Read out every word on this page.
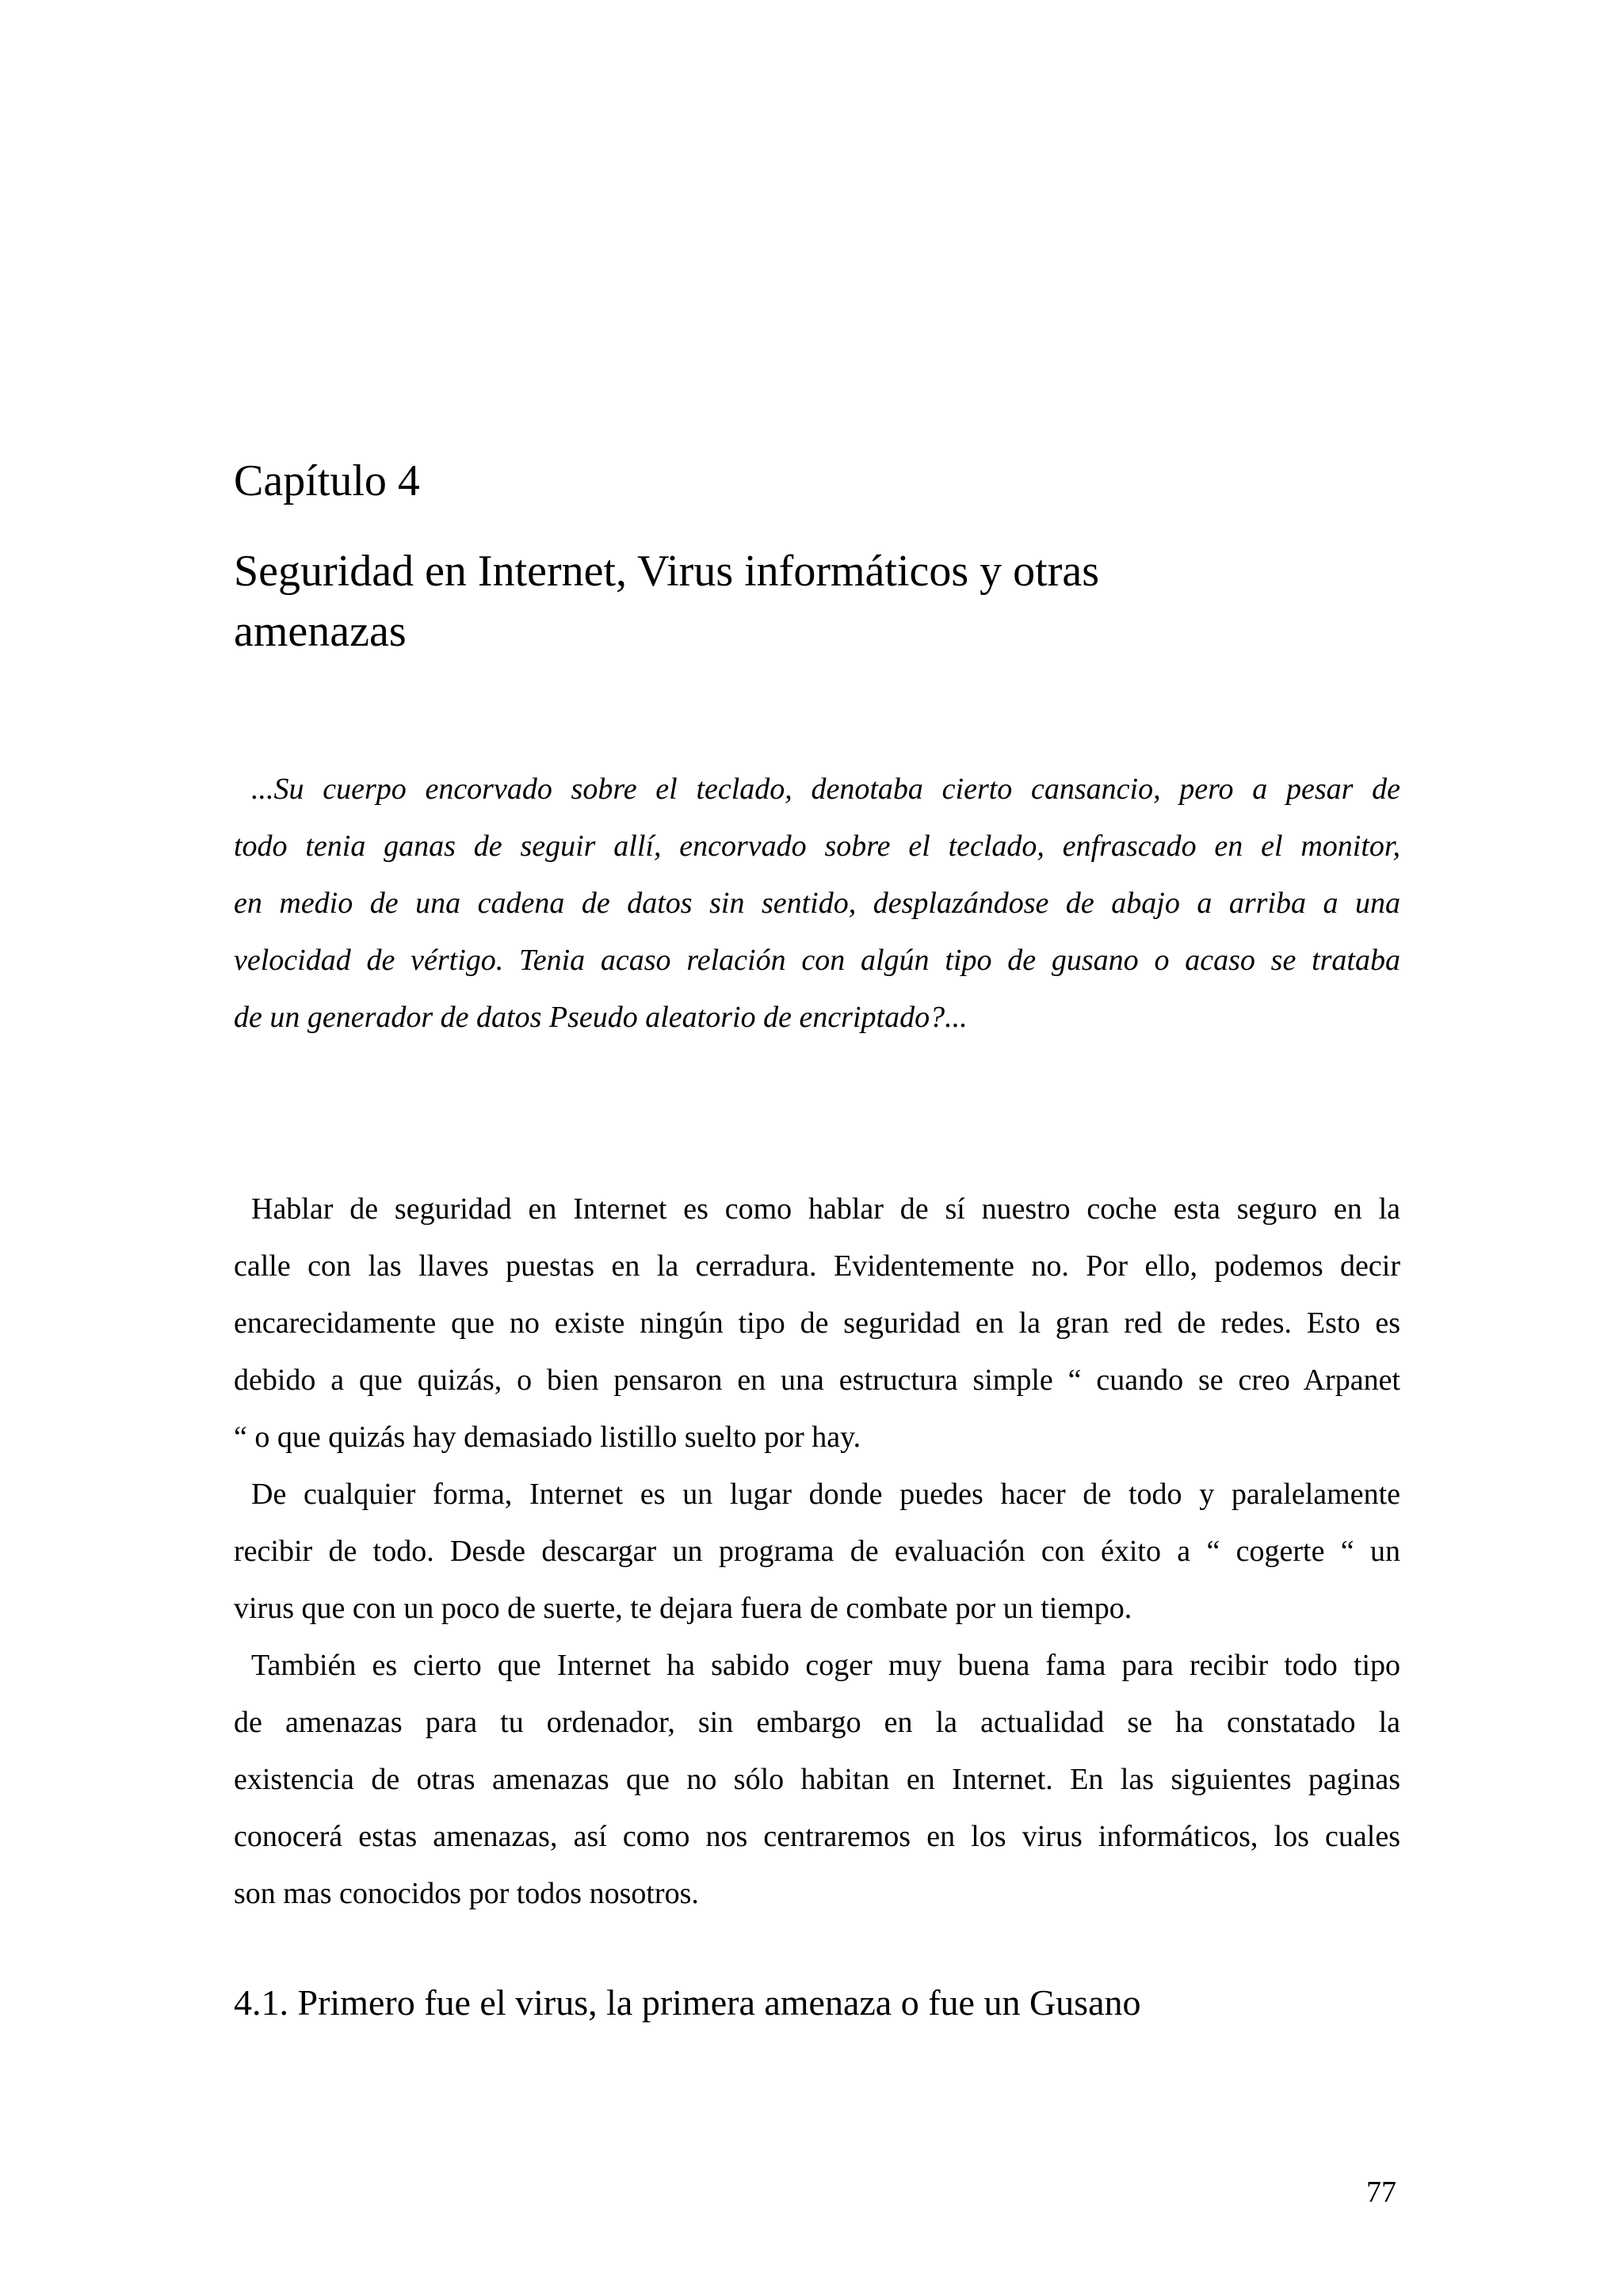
Capítulo 4
Seguridad en Internet, Virus informáticos y otras
amenazas
...Su cuerpo encorvado sobre el teclado, denotaba cierto cansancio, pero a pesar de
todo tenia ganas de seguir allí, encorvado sobre el teclado, enfrascado en el monitor,
en medio de una cadena de datos sin sentido, desplazándose de abajo a arriba a una
velocidad de vértigo. Tenia acaso relación con algún tipo de gusano o acaso se trataba
de un generador de datos Pseudo aleatorio de encriptado?...
Hablar de seguridad en Internet es como hablar de sí nuestro coche esta seguro en la
calle con las llaves puestas en la cerradura. Evidentemente no. Por ello, podemos decir
encarecidamente que no existe ningún tipo de seguridad en la gran red de redes. Esto es
debido a que quizás, o bien pensaron en una estructura simple “ cuando se creo Arpanet
“ o que quizás hay demasiado listillo suelto por hay.
De cualquier forma, Internet es un lugar donde puedes hacer de todo y paralelamente
recibir de todo. Desde descargar un programa de evaluación con éxito a “ cogerte “ un
virus que con un poco de suerte, te dejara fuera de combate por un tiempo.
También es cierto que Internet ha sabido coger muy buena fama para recibir todo tipo
de amenazas para tu ordenador, sin embargo en la actualidad se ha constatado la
existencia de otras amenazas que no sólo habitan en Internet. En las siguientes paginas
conocerá estas amenazas, así como nos centraremos en los virus informáticos, los cuales
son mas conocidos por todos nosotros.
4.1. Primero fue el virus, la primera amenaza o fue un Gusano
77
